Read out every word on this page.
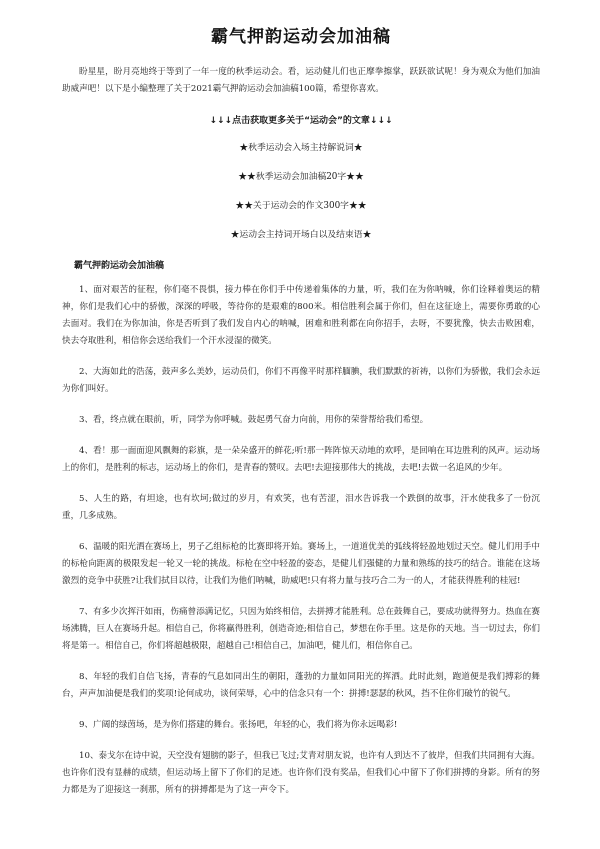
霸气押韵运动会加油稿

盼星星，盼月亮地终于等到了一年一度的秋季运动会。看，运动健儿们也正摩拳擦掌，跃跃欲试呢！身为观众为他们加油助威声吧！以下是小编整理了关于2021霸气押韵运动会加油稿100篇，希望你喜欢。

↓↓↓点击获取更多关于“运动会”的文章↓↓↓
★秋季运动会入场主持解说词★
★★秋季运动会加油稿20字★★
★★关于运动会的作文300字★★
★运动会主持词开场白以及结束语★
霸气押韵运动会加油稿

1、面对艰苦的征程，你们毫不畏惧，接力棒在你们手中传递着集体的力量，听，我们在为你呐喊，你们诠释着奥运的精神，你们是我们心中的骄傲，深深的呼吸，等待你的是艰难的800米。相信胜利会属于你们，但在这征途上，需要你勇敢的心去面对。我们在为你加油，你是否听到了我们发自内心的呐喊，困难和胜利都在向你招手，去呀，不要犹豫，快去击败困难，快去夺取胜利，相信你会送给我们一个汗水浸湿的微笑。

2、大海如此的浩荡，鼓声多么美妙，运动员们，你们不再像平时那样腼腆，我们默默的祈祷，以你们为骄傲，我们会永远为你们叫好。

3、看，终点就在眼前，听，同学为你呼喊。鼓起勇气奋力向前，用你的荣誉帮给我们希望。

4、看！那一面面迎风飘舞的彩旗，是一朵朵盛开的鲜花;听!那一阵阵惊天动地的欢呼，是回响在耳边胜利的风声。运动场上的你们，是胜利的标志，运动场上的你们，是青春的赞叹。去吧!去迎接那伟大的挑战，去吧!去做一名追风的少年。

5、人生的路，有坦途，也有坎坷;做过的岁月，有欢笑，也有苦涩，泪水告诉我一个跌倒的故事，汗水使我多了一份沉重，几多成熟。

6、温暖的阳光洒在赛场上，男子乙组标枪的比赛即将开始。赛场上，一道道优美的弧线将轻盈地划过天空。健儿们用手中的标枪向距离的极限发起一轮又一轮的挑战。标枪在空中轻盈的姿态，是健儿们强健的力量和熟练的技巧的结合。谁能在这场激烈的竞争中获胜?让我们拭目以待，让我们为他们呐喊，助威吧!只有将力量与技巧合二为一的人，才能获得胜利的桂冠!

7、有多少次挥汗如雨，伤痛曾添满记忆，只因为始终相信，去拼搏才能胜利。总在鼓舞自己，要成功就得努力。热血在赛场沸腾，巨人在赛场升起。相信自己，你将赢得胜利，创造奇迹;相信自己，梦想在你手里。这是你的天地。当一切过去，你们将是第一。相信自己，你们将超越极限，超越自己!相信自己，加油吧，健儿们，相信你自己。

8、年轻的我们自信飞扬，青春的气息如同出生的朝阳，蓬勃的力量如同阳光的挥洒。此时此刻，跑道便是我们搏彩的舞台，声声加油便是我们的奖项!论何成功，谈何荣辱，心中的信念只有一个：拼搏!瑟瑟的秋风，挡不住你们破竹的锐气。

9、广阔的绿茵场，是为你们搭建的舞台。张扬吧，年轻的心，我们将为你永远喝彩!

10、泰戈尔在诗中说，天空没有翅膀的影子，但我已飞过;艾青对朋友说，也许有人到达不了彼岸，但我们共同拥有大海。也许你们没有显赫的成绩，但运动场上留下了你们的足迹。也许你们没有奖品，但我们心中留下了你们拼搏的身影。所有的努力都是为了迎接这一刹那，所有的拼搏都是为了这一声令下。
